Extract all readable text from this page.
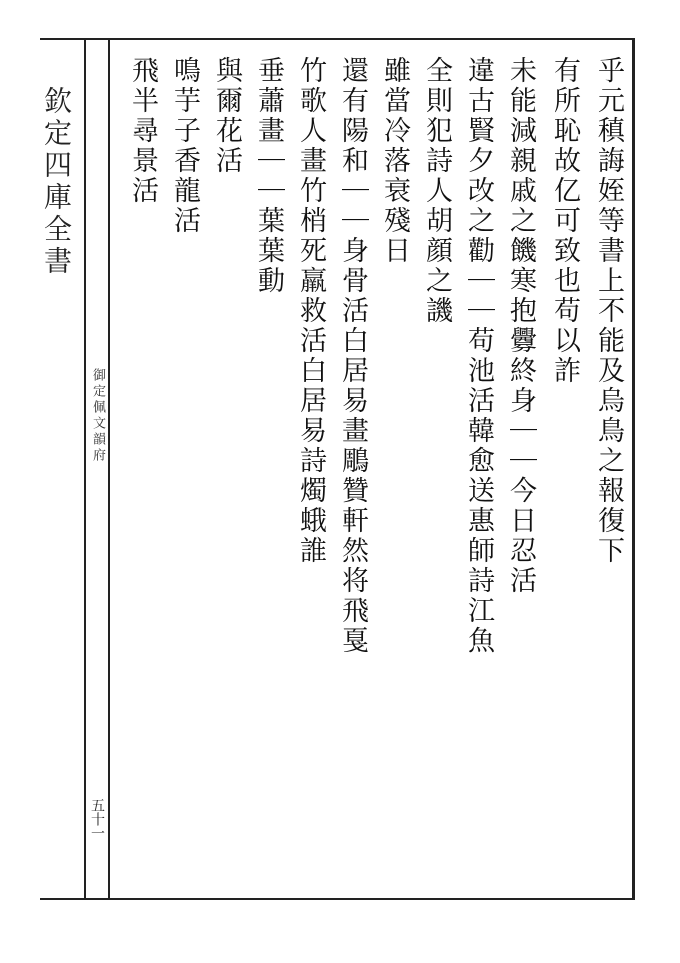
欽定四庫全書
御定佩文韻府
五十一
乎元稹誨姪等書上不能及烏鳥之報復下
有所恥故亿可致也苟以詐
未能減親戚之饑寒抱釁終身｜｜今日忍活
違古賢夕改之勸｜｜苟池活韓愈送惠師詩江魚
全則犯詩人胡顔之譏
雖當冷落衰殘日
還有陽和｜｜身骨活白居易畫鵰贊軒然将飛戛
竹歌人畫竹梢死羸救活白居易詩燭蛾誰
垂蕭畫｜｜葉葉動
與爾花活
鳴芋子香龍活
飛半尋景活
